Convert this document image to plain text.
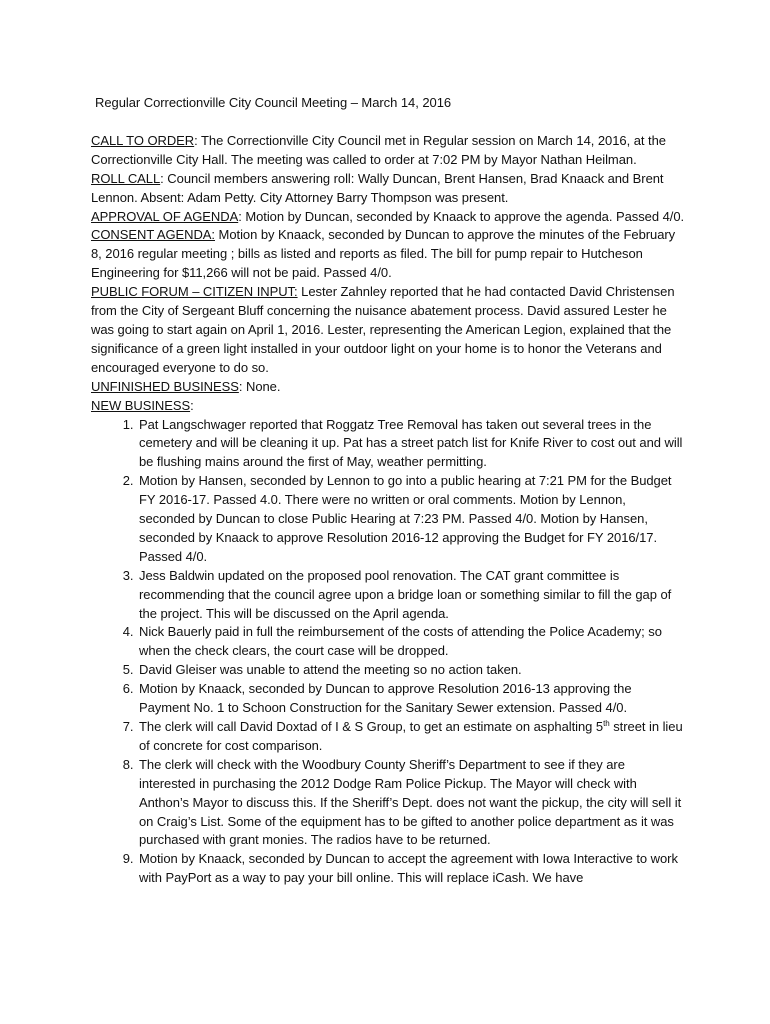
Regular Correctionville City Council Meeting – March 14, 2016

CALL TO ORDER: The Correctionville City Council met in Regular session on March 14, 2016, at the Correctionville City Hall. The meeting was called to order at 7:02 PM by Mayor Nathan Heilman.

ROLL CALL: Council members answering roll: Wally Duncan, Brent Hansen, Brad Knaack and Brent Lennon. Absent: Adam Petty. City Attorney Barry Thompson was present.

APPROVAL OF AGENDA: Motion by Duncan, seconded by Knaack to approve the agenda. Passed 4/0.

CONSENT AGENDA: Motion by Knaack, seconded by Duncan to approve the minutes of the February 8, 2016 regular meeting ; bills as listed and reports as filed. The bill for pump repair to Hutcheson Engineering for $11,266 will not be paid. Passed 4/0.

PUBLIC FORUM – CITIZEN INPUT: Lester Zahnley reported that he had contacted David Christensen from the City of Sergeant Bluff concerning the nuisance abatement process. David assured Lester he was going to start again on April 1, 2016. Lester, representing the American Legion, explained that the significance of a green light installed in your outdoor light on your home is to honor the Veterans and encouraged everyone to do so.

UNFINISHED BUSINESS: None.

NEW BUSINESS:

1. Pat Langschwager reported that Roggatz Tree Removal has taken out several trees in the cemetery and will be cleaning it up. Pat has a street patch list for Knife River to cost out and will be flushing mains around the first of May, weather permitting.
2. Motion by Hansen, seconded by Lennon to go into a public hearing at 7:21 PM for the Budget FY 2016-17. Passed 4.0. There were no written or oral comments. Motion by Lennon, seconded by Duncan to close Public Hearing at 7:23 PM. Passed 4/0. Motion by Hansen, seconded by Knaack to approve Resolution 2016-12 approving the Budget for FY 2016/17. Passed 4/0.
3. Jess Baldwin updated on the proposed pool renovation. The CAT grant committee is recommending that the council agree upon a bridge loan or something similar to fill the gap of the project. This will be discussed on the April agenda.
4. Nick Bauerly paid in full the reimbursement of the costs of attending the Police Academy; so when the check clears, the court case will be dropped.
5. David Gleiser was unable to attend the meeting so no action taken.
6. Motion by Knaack, seconded by Duncan to approve Resolution 2016-13 approving the Payment No. 1 to Schoon Construction for the Sanitary Sewer extension. Passed 4/0.
7. The clerk will call David Doxtad of I & S Group, to get an estimate on asphalting 5th street in lieu of concrete for cost comparison.
8. The clerk will check with the Woodbury County Sheriff’s Department to see if they are interested in purchasing the 2012 Dodge Ram Police Pickup. The Mayor will check with Anthon’s Mayor to discuss this. If the Sheriff’s Dept. does not want the pickup, the city will sell it on Craig’s List. Some of the equipment has to be gifted to another police department as it was purchased with grant monies. The radios have to be returned.
9. Motion by Knaack, seconded by Duncan to accept the agreement with Iowa Interactive to work with PayPort as a way to pay your bill online. This will replace iCash. We have
